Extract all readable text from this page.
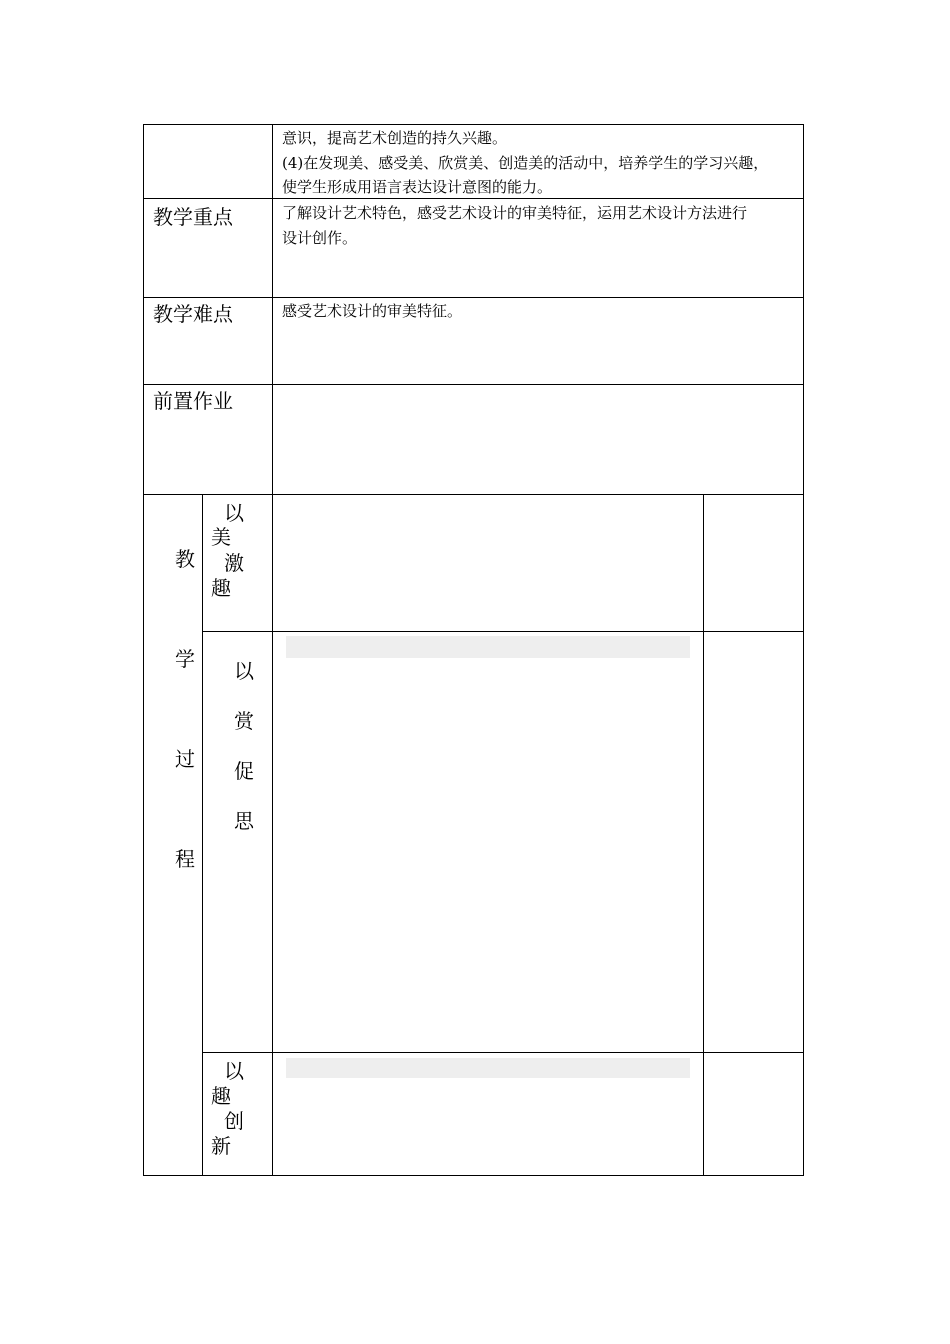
意识，提高艺术创造的持久兴趣。
(4)在发现美、感受美、欣赏美、创造美的活动中，培养学生的学习兴趣，
使学生形成用语言表达设计意图的能力。
教学重点	了解设计艺术特色，感受艺术设计的审美特征，运用艺术设计方法进行
设计创作。
教学难点	感受艺术设计的审美特征。
前置作业
教
学
过
程
以
美
激
趣
以
赏
促
思
以
趣
创
新
